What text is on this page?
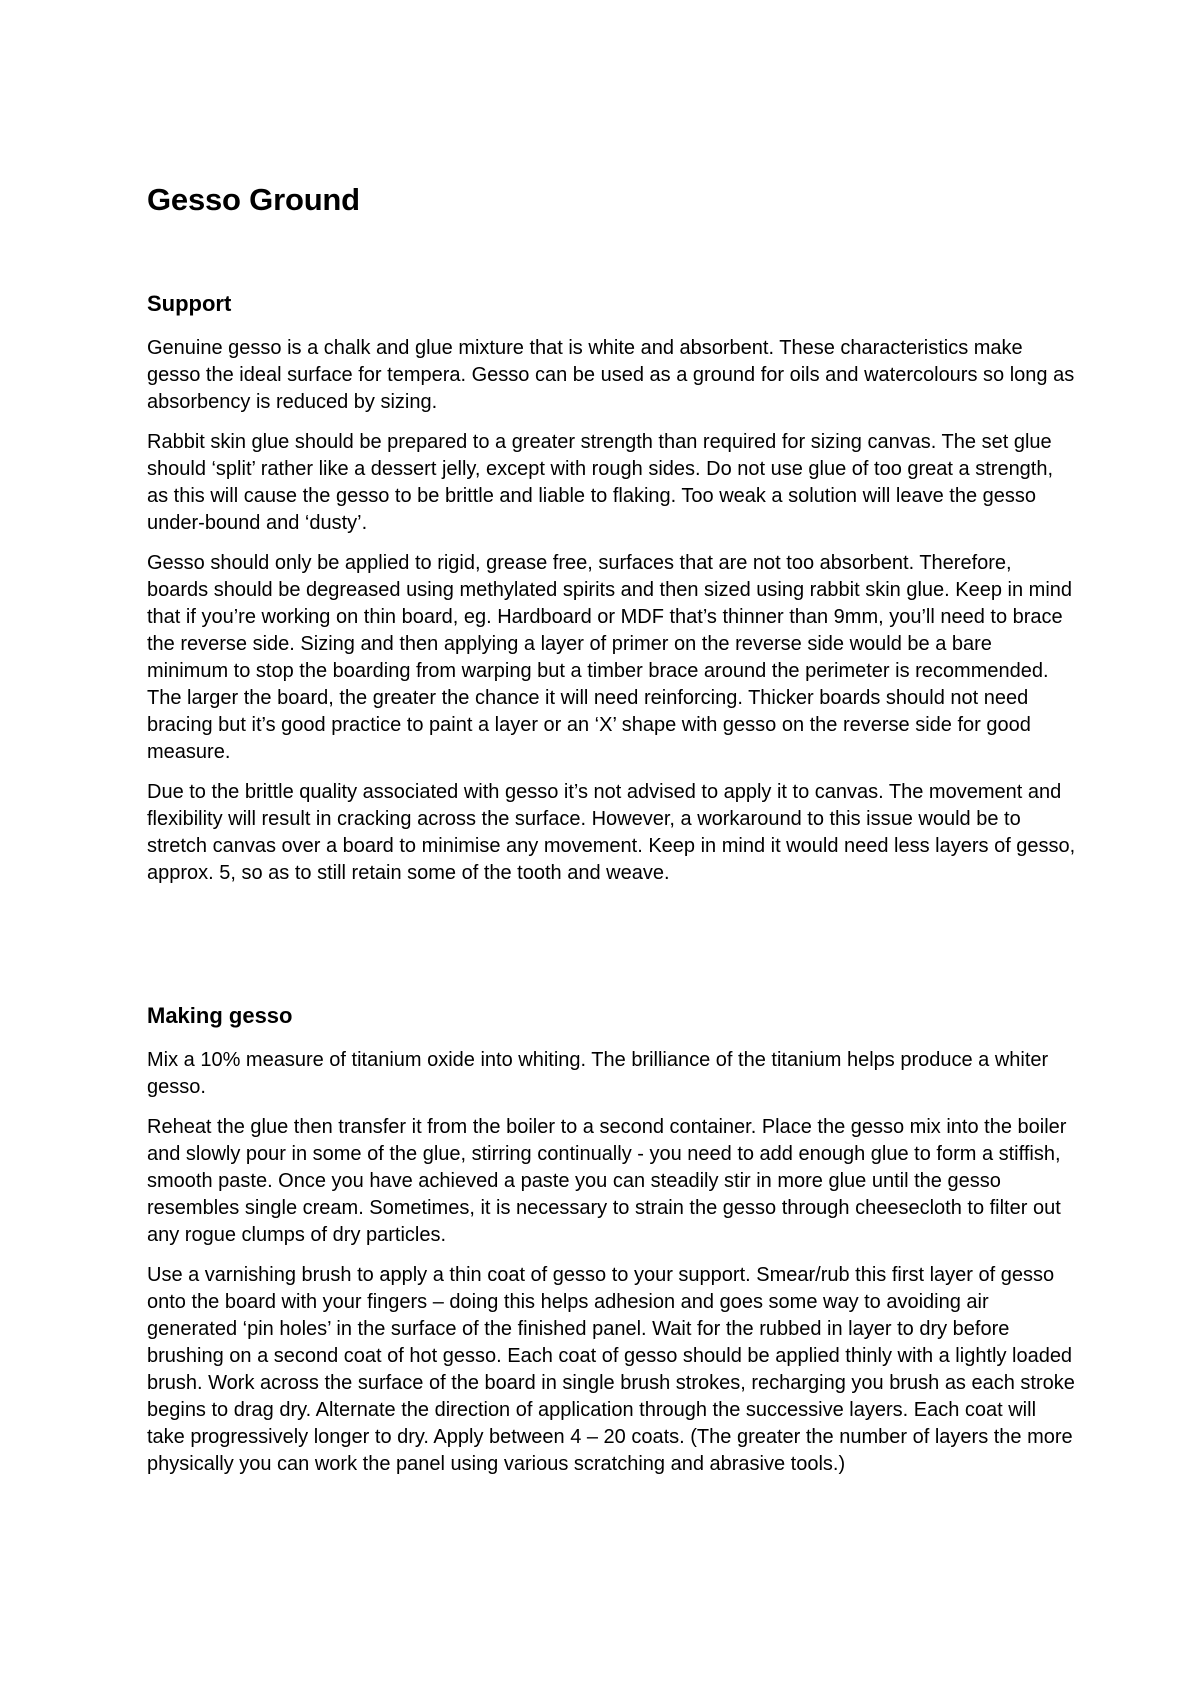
Gesso Ground
Support

Genuine gesso is a chalk and glue mixture that is white and absorbent. These characteristics make gesso the ideal surface for tempera. Gesso can be used as a ground for oils and watercolours so long as absorbency is reduced by sizing.

Rabbit skin glue should be prepared to a greater strength than required for sizing canvas. The set glue should ‘split’ rather like a dessert jelly, except with rough sides. Do not use glue of too great a strength, as this will cause the gesso to be brittle and liable to flaking. Too weak a solution will leave the gesso under-bound and ‘dusty’.

Gesso should only be applied to rigid, grease free, surfaces that are not too absorbent. Therefore, boards should be degreased using methylated spirits and then sized using rabbit skin glue. Keep in mind that if you’re working on thin board, eg. Hardboard or MDF that’s thinner than 9mm, you’ll need to brace the reverse side. Sizing and then applying a layer of primer on the reverse side would be a bare minimum to stop the boarding from warping but a timber brace around the perimeter is recommended. The larger the board, the greater the chance it will need reinforcing. Thicker boards should not need bracing but it’s good practice to paint a layer or an ‘X’ shape with gesso on the reverse side for good measure.

Due to the brittle quality associated with gesso it’s not advised to apply it to canvas. The movement and flexibility will result in cracking across the surface. However, a workaround to this issue would be to stretch canvas over a board to minimise any movement. Keep in mind it would need less layers of gesso, approx. 5, so as to still retain some of the tooth and weave.

Making gesso

Mix a 10% measure of titanium oxide into whiting. The brilliance of the titanium helps produce a whiter gesso.

Reheat the glue then transfer it from the boiler to a second container. Place the gesso mix into the boiler and slowly pour in some of the glue, stirring continually - you need to add enough glue to form a stiffish, smooth paste. Once you have achieved a paste you can steadily stir in more glue until the gesso resembles single cream. Sometimes, it is necessary to strain the gesso through cheesecloth to filter out any rogue clumps of dry particles.

Use a varnishing brush to apply a thin coat of gesso to your support. Smear/rub this first layer of gesso onto the board with your fingers – doing this helps adhesion and goes some way to avoiding air generated ‘pin holes’ in the surface of the finished panel. Wait for the rubbed in layer to dry before brushing on a second coat of hot gesso. Each coat of gesso should be applied thinly with a lightly loaded brush. Work across the surface of the board in single brush strokes, recharging you brush as each stroke begins to drag dry. Alternate the direction of application through the successive layers. Each coat will take progressively longer to dry. Apply between 4 – 20 coats. (The greater the number of layers the more physically you can work the panel using various scratching and abrasive tools.)
